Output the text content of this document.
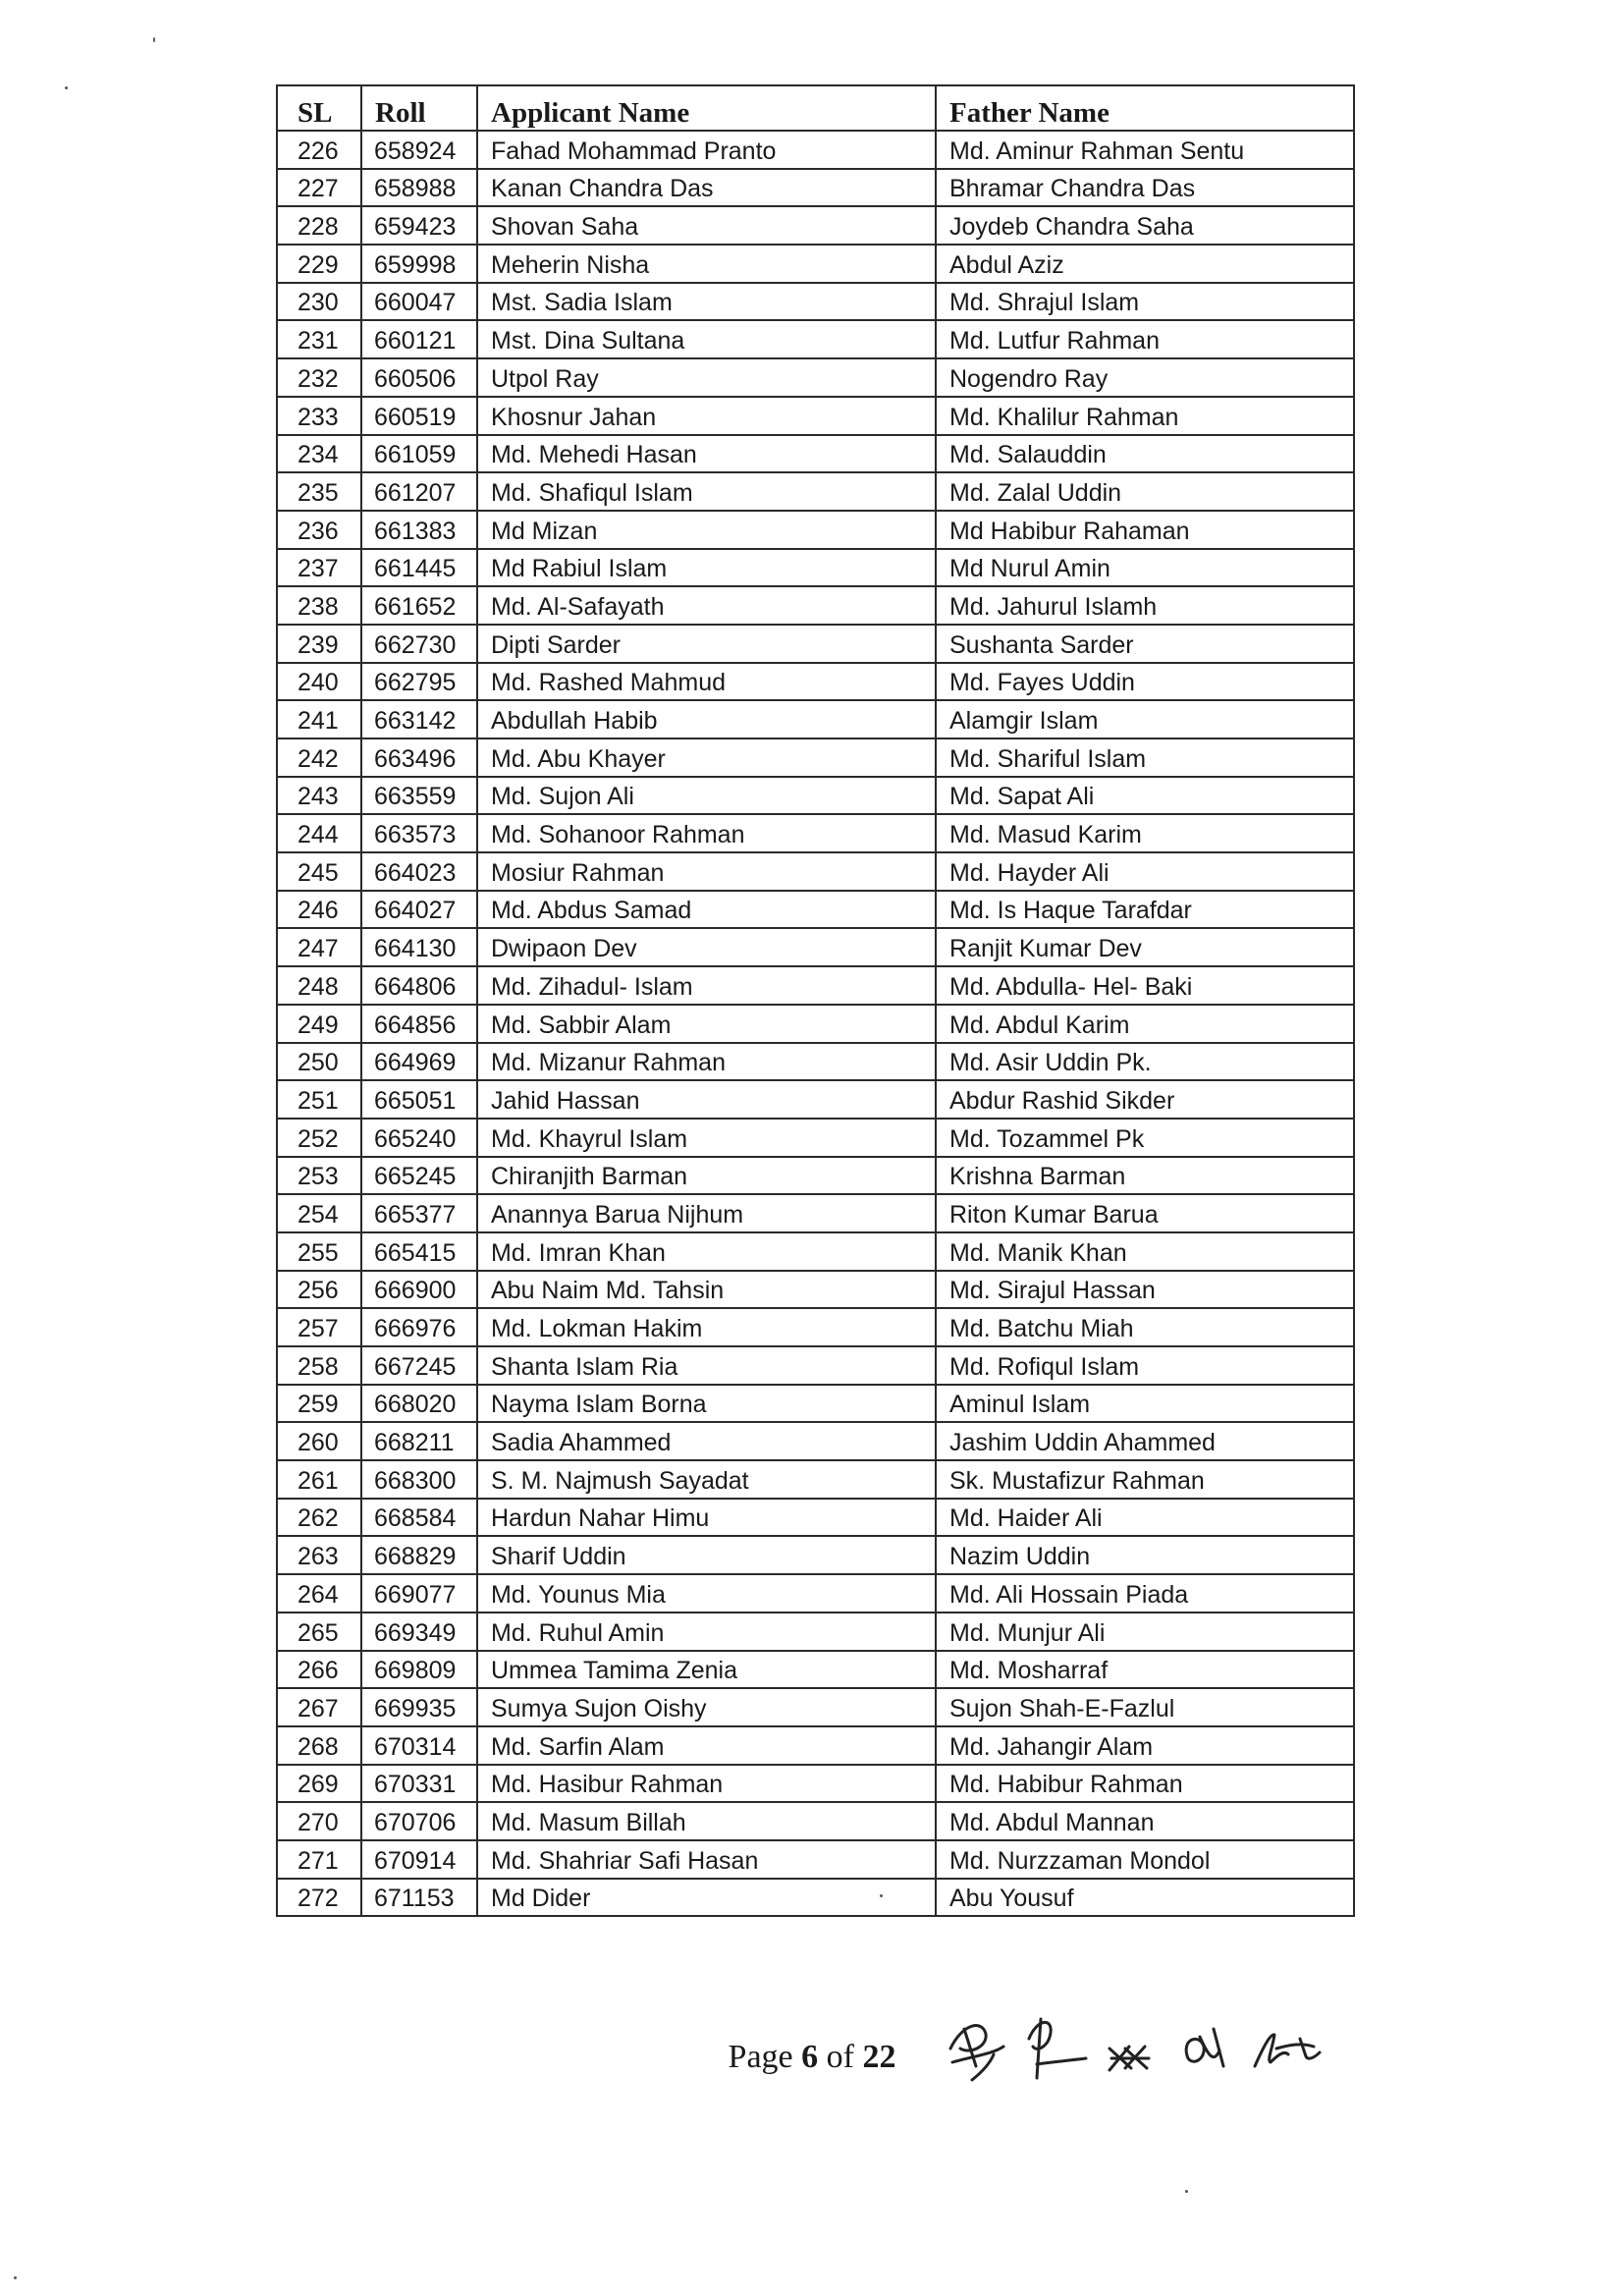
SL	Roll	Applicant Name	Father Name
226	658924	Fahad Mohammad Pranto	Md. Aminur Rahman Sentu
227	658988	Kanan Chandra Das	Bhramar Chandra Das
228	659423	Shovan Saha	Joydeb Chandra Saha
229	659998	Meherin Nisha	Abdul Aziz
230	660047	Mst. Sadia Islam	Md. Shrajul Islam
231	660121	Mst. Dina Sultana	Md. Lutfur Rahman
232	660506	Utpol Ray	Nogendro Ray
233	660519	Khosnur Jahan	Md. Khalilur Rahman
234	661059	Md. Mehedi Hasan	Md. Salauddin
235	661207	Md. Shafiqul Islam	Md. Zalal Uddin
236	661383	Md Mizan	Md Habibur Rahaman
237	661445	Md Rabiul Islam	Md Nurul Amin
238	661652	Md. Al-Safayath	Md. Jahurul Islamh
239	662730	Dipti Sarder	Sushanta Sarder
240	662795	Md. Rashed Mahmud	Md. Fayes Uddin
241	663142	Abdullah Habib	Alamgir Islam
242	663496	Md. Abu Khayer	Md. Shariful Islam
243	663559	Md. Sujon Ali	Md. Sapat Ali
244	663573	Md. Sohanoor Rahman	Md. Masud Karim
245	664023	Mosiur Rahman	Md. Hayder Ali
246	664027	Md. Abdus Samad	Md. Is Haque Tarafdar
247	664130	Dwipaon Dev	Ranjit Kumar Dev
248	664806	Md. Zihadul- Islam	Md. Abdulla- Hel- Baki
249	664856	Md. Sabbir Alam	Md. Abdul Karim
250	664969	Md. Mizanur Rahman	Md. Asir Uddin Pk.
251	665051	Jahid Hassan	Abdur Rashid Sikder
252	665240	Md. Khayrul Islam	Md. Tozammel Pk
253	665245	Chiranjith Barman	Krishna Barman
254	665377	Anannya Barua Nijhum	Riton Kumar Barua
255	665415	Md. Imran Khan	Md. Manik Khan
256	666900	Abu Naim Md. Tahsin	Md. Sirajul Hassan
257	666976	Md. Lokman Hakim	Md. Batchu Miah
258	667245	Shanta Islam Ria	Md. Rofiqul Islam
259	668020	Nayma Islam Borna	Aminul Islam
260	668211	Sadia Ahammed	Jashim Uddin Ahammed
261	668300	S. M. Najmush Sayadat	Sk. Mustafizur Rahman
262	668584	Hardun Nahar Himu	Md. Haider Ali
263	668829	Sharif Uddin	Nazim Uddin
264	669077	Md. Younus Mia	Md. Ali Hossain Piada
265	669349	Md. Ruhul Amin	Md. Munjur Ali
266	669809	Ummea Tamima Zenia	Md. Mosharraf
267	669935	Sumya Sujon Oishy	Sujon Shah-E-Fazlul
268	670314	Md. Sarfin Alam	Md. Jahangir Alam
269	670331	Md. Hasibur Rahman	Md. Habibur Rahman
270	670706	Md. Masum Billah	Md. Abdul Mannan
271	670914	Md. Shahriar Safi Hasan	Md. Nurzzaman Mondol
272	671153	Md Dider	Abu Yousuf
Page 6 of 22
